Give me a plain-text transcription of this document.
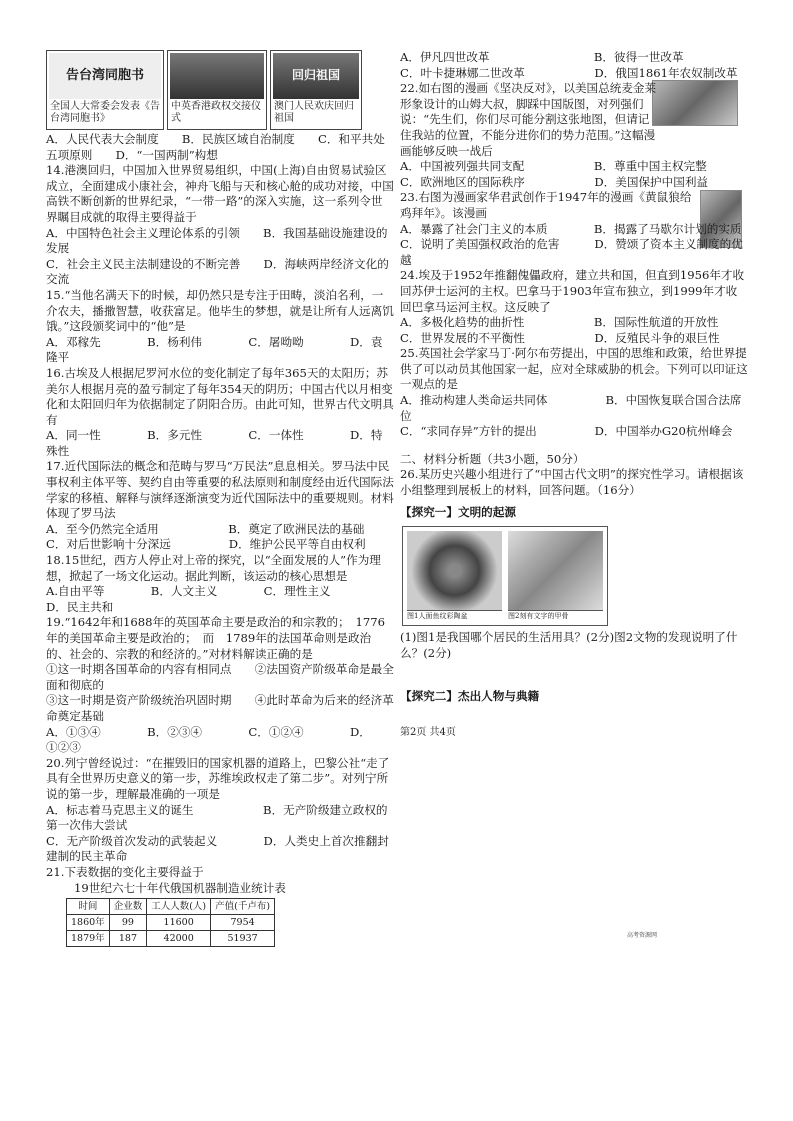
告台湾同胞书
全国人大常委会发表《告台湾同胞书》
中英香港政权交接仪式
回归祖国
澳门人民欢庆回归祖国

A．人民代表大会制度　　B．民族区域自治制度　　C．和平共处五项原则　　D．“一国两制”构想

14.港澳回归，中国加入世界贸易组织，中国(上海)自由贸易试验区成立，全面建成小康社会，神舟飞船与天和核心舱的成功对接，中国高铁不断创新的世界纪录，“一带一路”的深入实施，这一系列令世界瞩目成就的取得主要得益于

A．中国特色社会主义理论体系的引领　　B．我国基础设施建设的发展

C．社会主义民主法制建设的不断完善　　D．海峡两岸经济文化的交流

15.“当他名满天下的时候，却仍然只是专注于田畴，淡泊名利，一介农夫，播撒智慧，收获富足。他毕生的梦想，就是让所有人远离饥饿。”这段颁奖词中的“他”是

A．邓稼先　　　　B．杨利伟　　　　C．屠呦呦　　　　D．袁隆平

16.古埃及人根据尼罗河水位的变化制定了每年365天的太阳历；苏美尔人根据月亮的盈亏制定了每年354天的阴历；中国古代以月相变化和太阳回归年为依据制定了阴阳合历。由此可知，世界古代文明具有

A．同一性　　　　B．多元性　　　　C．一体性　　　　D．特殊性

17.近代国际法的概念和范畴与罗马“万民法”息息相关。罗马法中民事权利主体平等、契约自由等重要的私法原则和制度经由近代国际法学家的移植、解释与演绎逐渐演变为近代国际法中的重要规则。材料体现了罗马法

A．至今仍然完全适用　　　　　　B．奠定了欧洲民法的基础

C．对后世影响十分深远　　　　　D．维护公民平等自由权利

18.15世纪，西方人停止对上帝的探究，以“全面发展的人”作为理想，掀起了一场文化运动。据此判断，该运动的核心思想是

A.自由平等　　　　B．人文主义　　　　C．理性主义　　　　D．民主共和

19.“1642年和1688年的英国革命主要是政治的和宗教的；　1776年的美国革命主要是政治的；　而　1789年的法国革命则是政治的、社会的、宗教的和经济的。”对材料解读正确的是

①这一时期各国革命的内容有相同点　　②法国资产阶级革命是最全面和彻底的

③这一时期是资产阶级统治巩固时期　　④此时革命为后来的经济革命奠定基础

A．①③④　　　　B．②③④　　　　C．①②④　　　　D．①②③

20.列宁曾经说过：“在摧毁旧的国家机器的道路上，巴黎公社“走了具有全世界历史意义的第一步，苏维埃政权走了第二步”。对列宁所说的第一步，理解最准确的一项是

A．标志着马克思主义的诞生　　　　　　B．无产阶级建立政权的第一次伟大尝试

C．无产阶级首次发动的武装起义　　　　D．人类史上首次推翻封建制的民主革命

21.下表数据的变化主要得益于

19世纪六七十年代俄国机器制造业统计表
时间	企业数	工人人数(人)	产值(千卢布)
1860年	99	11600	7954
1879年	187	42000	51937

A．伊凡四世改革　　　　　　　　　B．彼得一世改革

C．叶卡捷琳娜二世改革　　　　　　D．俄国1861年农奴制改革

22.如右图的漫画《坚决反对》，以美国总统麦金莱形象设计的山姆大叔，脚踩中国版图，对列强们说：“先生们，你们尽可能分割这张地图，但请记住我站的位置，不能分进你们的势力范围。”这幅漫画能够反映一战后

A．中国被列强共同支配　　　　　　B．尊重中国主权完整

C．欧洲地区的国际秩序　　　　　　D．美国保护中国利益

23.右图为漫画家华君武创作于1947年的漫画《黄鼠狼给鸡拜年》。该漫画

A．暴露了社会门主义的本质　　　　B．揭露了马歇尔计划的实质

C．说明了美国强权政治的危害　　　D．赞颂了资本主义制度的优越

24.埃及于1952年推翻傀儡政府，建立共和国，但直到1956年才收回苏伊士运河的主权。巴拿马于1903年宣布独立，到1999年才收回巴拿马运河主权。这反映了

A．多极化趋势的曲折性　　　　　　B．国际性航道的开放性

C．世界发展的不平衡性　　　　　　D．反殖民斗争的艰巨性

25.英国社会学家马丁·阿尔布劳提出，中国的思维和政策，给世界提供了可以动员其他国家一起，应对全球威胁的机会。下列可以印证这一观点的是

A．推动构建人类命运共同体　　　　　B．中国恢复联合国合法席位

C．“求同存异”方针的提出　　　　　D．中国举办G20杭州峰会

二、材料分析题（共3小题，50分）

26.某历史兴趣小组进行了“中国古代文明”的探究性学习。请根据该小组整理到展板上的材料，回答问题。（16分）

【探究一】文明的起源

图1人面鱼纹彩陶盆	图2刻有文字的甲骨

(1)图1是我国哪个居民的生活用具？(2分)图2文物的发现说明了什么？(2分)

【探究二】杰出人物与典籍

第2页 共4页
高考资源网
